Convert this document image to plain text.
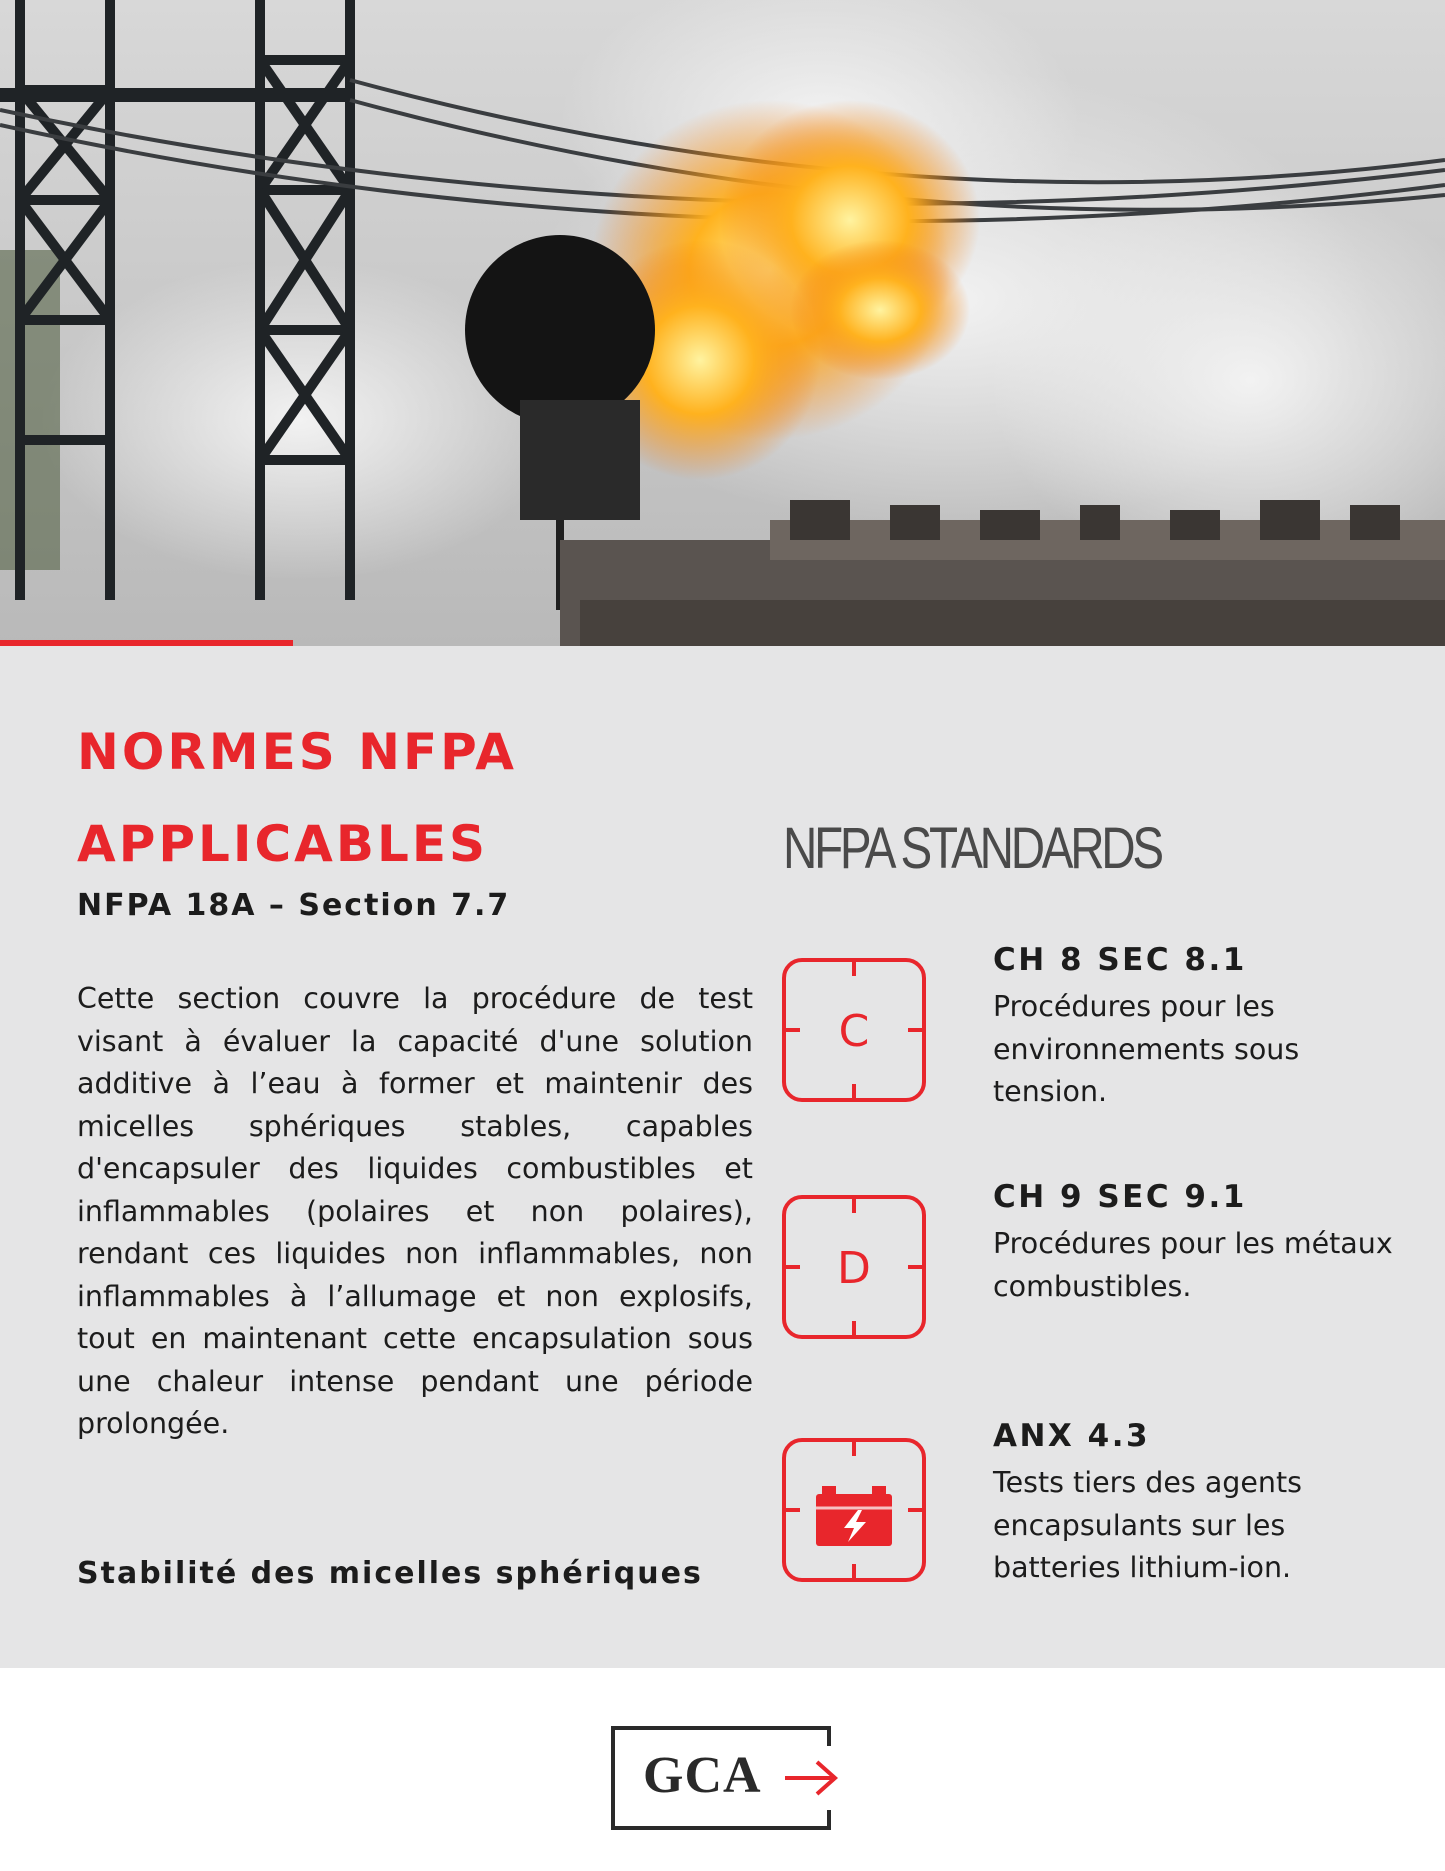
NORMES NFPA
APPLICABLES
NFPA 18A – Section 7.7

Cette section couvre la procédure de test visant à évaluer la capacité d'une solution additive à l’eau à former et maintenir des micelles sphériques stables, capables d'encapsuler des liquides combustibles et inflammables (polaires et non polaires), rendant ces liquides non inflammables, non inflammables à l’allumage et non explosifs, tout en maintenant cette encapsulation sous une chaleur intense pendant une période prolongée.

Stabilité des micelles sphériques
NFPA STANDARDS
C
CH 8 SEC 8.1

Procédures pour les environnements sous tension.

D
CH 9 SEC 9.1

Procédures pour les métaux combustibles.

ANX 4.3

Tests tiers des agents encapsulants sur les batteries lithium-ion.

GCA
